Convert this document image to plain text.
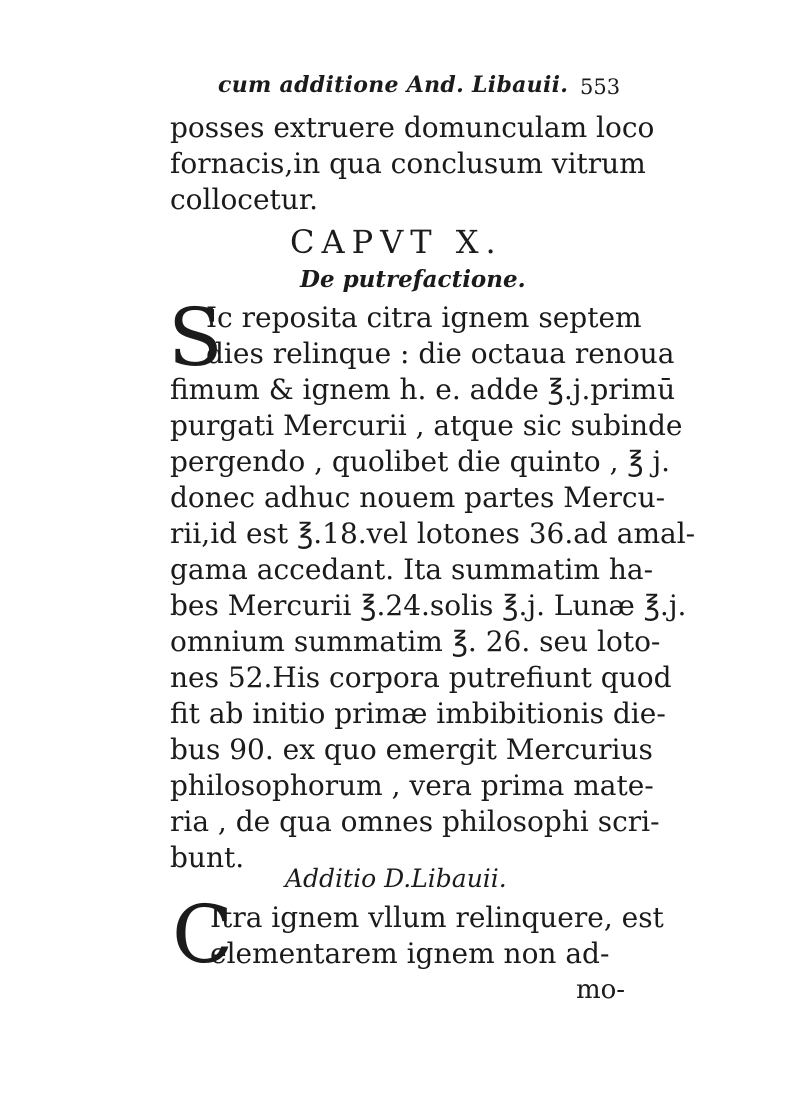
cum additione And. Libauii. 553
posses extruere domunculam loco
fornacis,in qua conclusum vitrum
collocetur.
CAPVT X.
De putrefactione.
S
Ic reposita citra ignem septem
dies relinque : die octaua renoua
fimum & ignem h. e. adde ℥.j.primū
purgati Mercurii , atque sic subinde
pergendo , quolibet die quinto , ℥ j.
donec adhuc nouem partes Mercu-
rii,id est ℥.18.vel lotones 36.ad amal-
gama accedant. Ita summatim ha-
bes Mercurii ℥.24.solis ℥.j. Lunæ ℥.j.
omnium summatim ℥. 26. seu loto-
nes 52.His corpora putrefiunt quod
fit ab initio primæ imbibitionis die-
bus 90. ex quo emergit Mercurius
philosophorum , vera prima mate-
ria , de qua omnes philosophi scri-
bunt.
Additio D.Libauii.
C
Itra ignem vllum relinquere, est
elementarem ignem non ad-
mo-
